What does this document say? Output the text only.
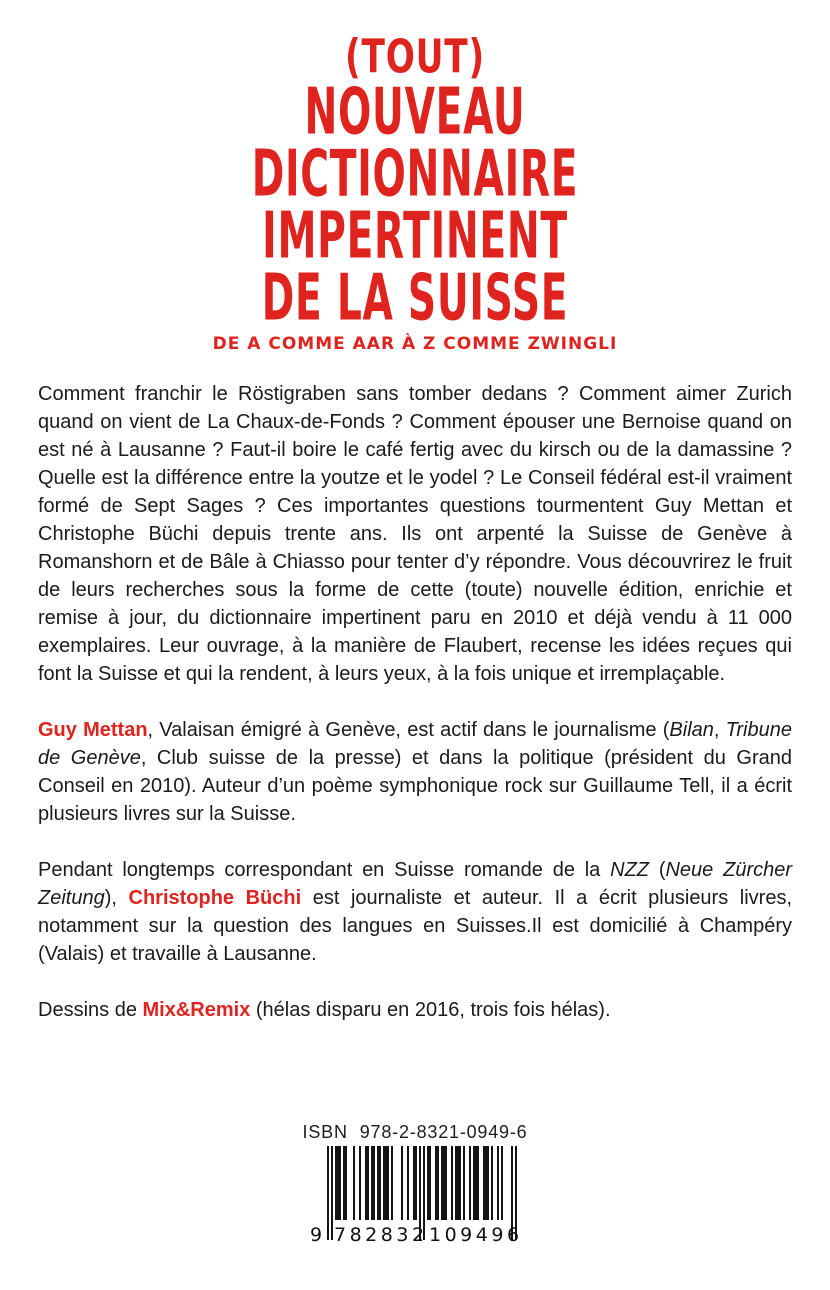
(TOUT)
NOUVEAU
DICTIONNAIRE
IMPERTINENT
DE LA SUISSE
DE A COMME AAR À Z COMME ZWINGLI

Comment franchir le Röstigraben sans tomber dedans ? Comment aimer Zurich quand on vient de La Chaux-de-Fonds ? Comment épouser une Bernoise quand on est né à Lausanne ? Faut-il boire le café fertig avec du kirsch ou de la damassine ? Quelle est la différence entre la youtze et le yodel ? Le Conseil fédéral est-il vraiment formé de Sept Sages ? Ces importantes questions tourmentent Guy Mettan et Christophe Büchi depuis trente ans. Ils ont arpenté la Suisse de Genève à Romanshorn et de Bâle à Chiasso pour tenter d’y répondre. Vous découvrirez le fruit de leurs recherches sous la forme de cette (toute) nouvelle édition, enrichie et remise à jour, du dictionnaire impertinent paru en 2010 et déjà vendu à 11 000 exemplaires. Leur ouvrage, à la manière de Flaubert, recense les idées reçues qui font la Suisse et qui la rendent, à leurs yeux, à la fois unique et irremplaçable.

Guy Mettan, Valaisan émigré à Genève, est actif dans le journalisme (Bilan, Tribune de Genève, Club suisse de la presse) et dans la politique (président du Grand Conseil en 2010). Auteur d’un poème symphonique rock sur Guillaume Tell, il a écrit plusieurs livres sur la Suisse.

Pendant longtemps correspondant en Suisse romande de la NZZ (Neue Zürcher Zeitung), Christophe Büchi est journaliste et auteur. Il a écrit plusieurs livres, notamment sur la question des langues en Suisses.Il est domicilié à Champéry (Valais) et travaille à Lausanne.

Dessins de Mix&Remix (hélas disparu en 2016, trois fois hélas).

ISBN 978-2-8321-0949-6
9 782832 109496
